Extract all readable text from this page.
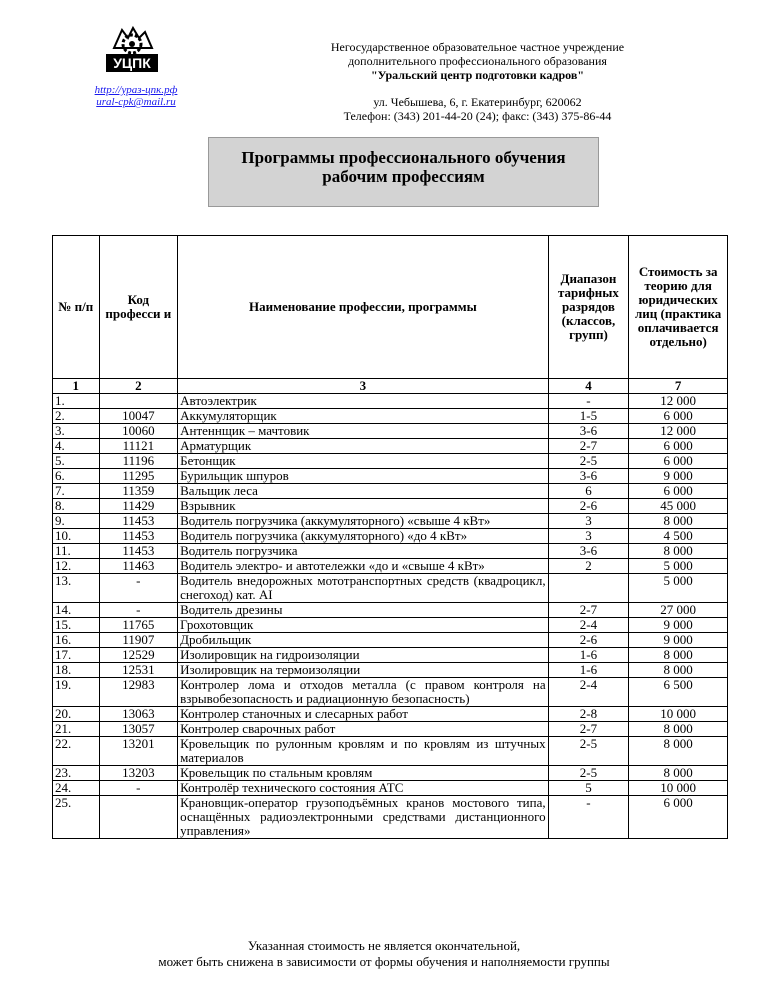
УЦПК
http://ураз-цпк.рф
ural-cpk@mail.ru
Негосударственное образовательное частное учреждение
дополнительного профессионального образования
"Уральский центр подготовки кадров"
ул. Чебышева, 6, г. Екатеринбург, 620062
Телефон: (343) 201-44-20 (24); факс: (343) 375-86-44
Программы профессионального обучения
рабочим профессиям
№ п/п	Код професси и	Наименование профессии, программы	Диапазон тарифных разрядов (классов, групп)	Стоимость за теорию для юридических лиц (практика оплачивается отдельно)
1	2	3	4	7
1.		Автоэлектрик	-	12 000
2.	10047	Аккумуляторщик	1-5	6 000
3.	10060	Антеннщик – мачтовик	3-6	12 000
4.	11121	Арматурщик	2-7	6 000
5.	11196	Бетонщик	2-5	6 000
6.	11295	Бурильщик шпуров	3-6	9 000
7.	11359	Вальщик леса	6	6 000
8.	11429	Взрывник	2-6	45 000
9.	11453	Водитель погрузчика (аккумуляторного) «свыше 4 кВт»	3	8 000
10.	11453	Водитель погрузчика (аккумуляторного) «до 4 кВт»	3	4 500
11.	11453	Водитель погрузчика	3-6	8 000
12.	11463	Водитель электро- и автотележки «до и «свыше 4 кВт»	2	5 000
13.	-	Водитель внедорожных мототранспортных средств (квадроцикл, снегоход) кат. AI		5 000
14.	-	Водитель дрезины	2-7	27 000
15.	11765	Грохотовщик	2-4	9 000
16.	11907	Дробильщик	2-6	9 000
17.	12529	Изолировщик на гидроизоляции	1-6	8 000
18.	12531	Изолировщик на термоизоляции	1-6	8 000
19.	12983	Контролер лома и отходов металла (с правом контроля на взрывобезопасность и радиационную безопасность)	2-4	6 500
20.	13063	Контролер станочных и слесарных работ	2-8	10 000
21.	13057	Контролер сварочных работ	2-7	8 000
22.	13201	Кровельщик по рулонным кровлям и по кровлям из штучных материалов	2-5	8 000
23.	13203	Кровельщик по стальным кровлям	2-5	8 000
24.	-	Контролёр технического состояния АТС	5	10 000
25.		Крановщик-оператор грузоподъёмных кранов мостового типа, оснащённых радиоэлектронными средствами дистанционного управления»	-	6 000
Указанная стоимость не является окончательной,
может быть снижена в зависимости от формы обучения и наполняемости группы
